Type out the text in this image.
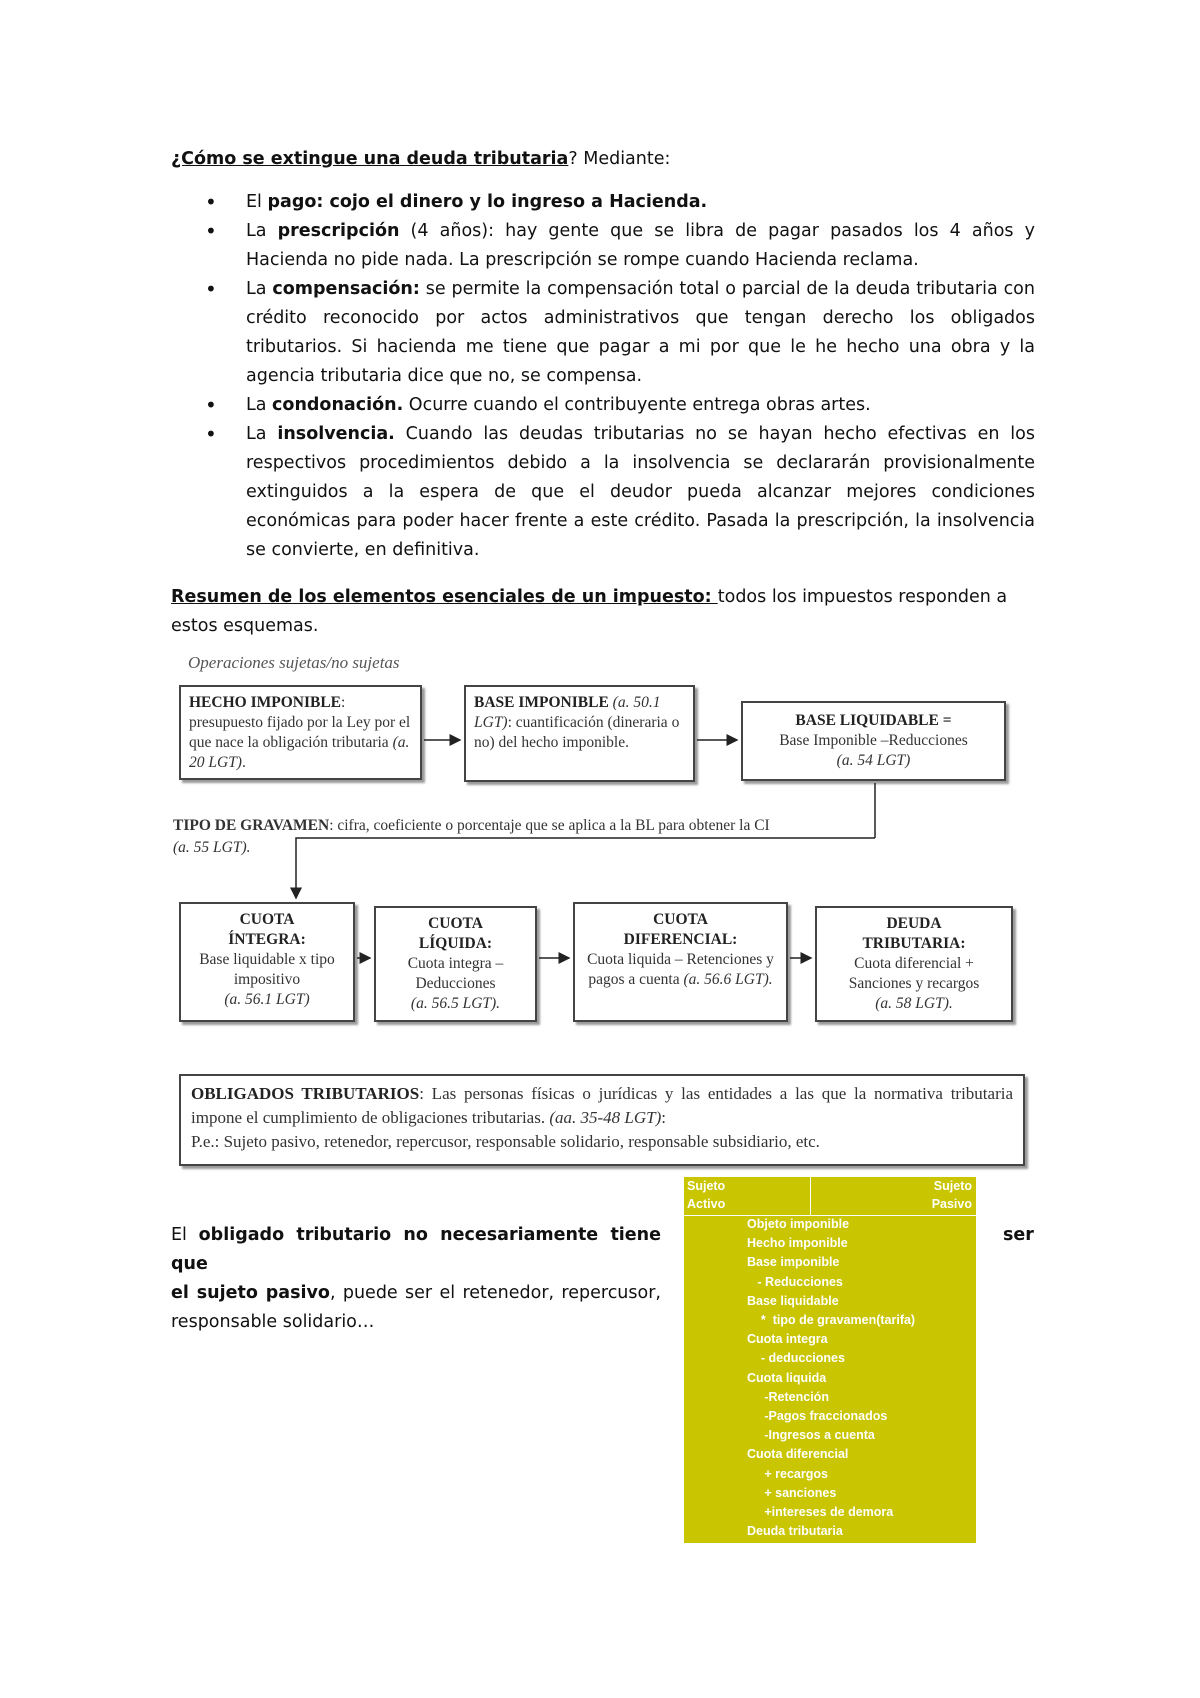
¿Cómo se extingue una deuda tributaria? Mediante:
• El pago: cojo el dinero y lo ingreso a Hacienda.
• La prescripción (4 años): hay gente que se libra de pagar pasados los 4 años y Hacienda no pide nada. La prescripción se rompe cuando Hacienda reclama.
• La compensación: se permite la compensación total o parcial de la deuda tributaria con crédito reconocido por actos administrativos que tengan derecho los obligados tributarios. Si hacienda me tiene que pagar a mi por que le he hecho una obra y la agencia tributaria dice que no, se compensa.
• La condonación. Ocurre cuando el contribuyente entrega obras artes.
• La insolvencia. Cuando las deudas tributarias no se hayan hecho efectivas en los respectivos procedimientos debido a la insolvencia se declararán provisionalmente extinguidos a la espera de que el deudor pueda alcanzar mejores condiciones económicas para poder hacer frente a este crédito. Pasada la prescripción, la insolvencia se convierte, en definitiva.
Resumen de los elementos esenciales de un impuesto: todos los impuestos responden a estos esquemas.
Operaciones sujetas/no sujetas
HECHO IMPONIBLE: presupuesto fijado por la Ley por el que nace la obligación tributaria (a. 20 LGT).
BASE IMPONIBLE (a. 50.1 LGT): cuantificación (dineraria o no) del hecho imponible.
BASE LIQUIDABLE =
Base Imponible –Reducciones
(a. 54 LGT)
TIPO DE GRAVAMEN: cifra, coeficiente o porcentaje que se aplica a la BL para obtener la CI
(a. 55 LGT).
CUOTA
ÍNTEGRA:
Base liquidable x tipo impositivo
(a. 56.1 LGT)
CUOTA
LÍQUIDA:
Cuota integra – Deducciones
(a. 56.5 LGT).
CUOTA
DIFERENCIAL:
Cuota liquida – Retenciones y pagos a cuenta (a. 56.6 LGT).
DEUDA
TRIBUTARIA:
Cuota diferencial + Sanciones y recargos
(a. 58 LGT).
OBLIGADOS TRIBUTARIOS: Las personas físicas o jurídicas y las entidades a las que la normativa tributaria impone el cumplimiento de obligaciones tributarias. (aa. 35-48 LGT):
P.e.: Sujeto pasivo, retenedor, repercusor, responsable solidario, responsable subsidiario, etc.
El obligado tributario no necesariamente tiene que
el sujeto pasivo, puede ser el retenedor, repercusor, responsable solidario…
ser
Sujeto
Activo
Sujeto
Pasivo
Objeto imponible
Hecho imponible
Base imponible
- Reducciones
Base liquidable
*  tipo de gravamen(tarifa)
Cuota integra
- deducciones
Cuota liquida
-Retención
-Pagos fraccionados
-Ingresos a cuenta
Cuota diferencial
+ recargos
+ sanciones
+intereses de demora
Deuda tributaria
